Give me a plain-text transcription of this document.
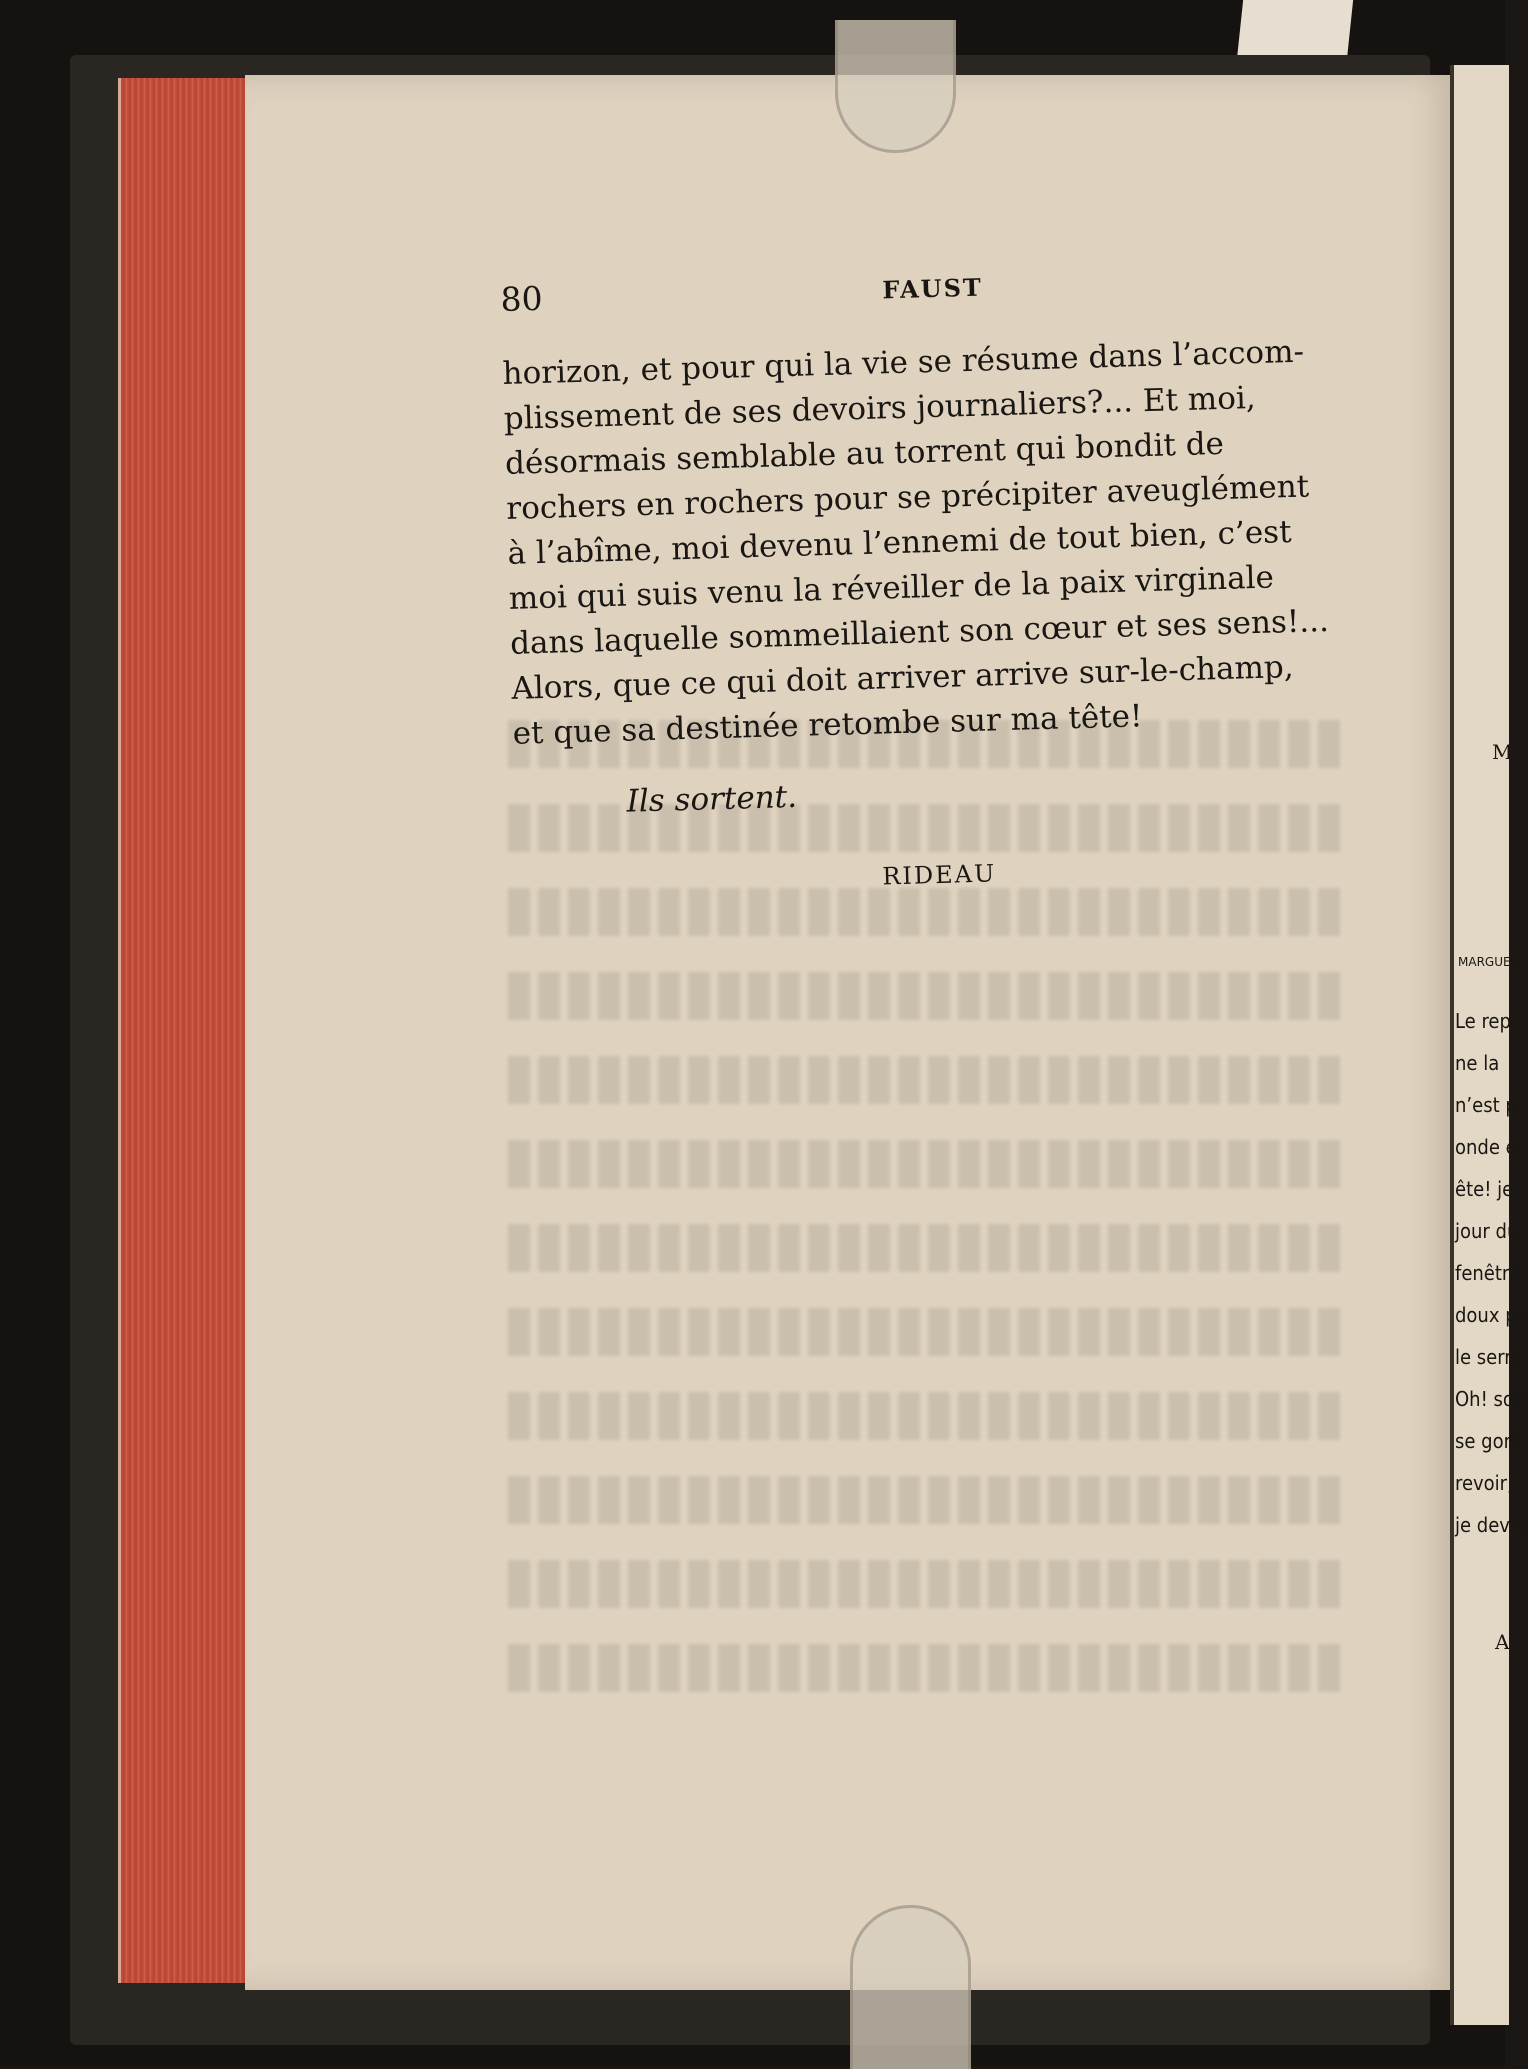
80	FAUST
horizon, et pour qui la vie se résume dans l’accom-
plissement de ses devoirs journaliers?... Et moi,
désormais semblable au torrent qui bondit de
rochers en rochers pour se précipiter aveuglément
à l’abîme, moi devenu l’ennemi de tout bien, c’est
moi qui suis venu la réveiller de la paix virginale
dans laquelle sommeillaient son cœur et ses sens!...
Alors, que ce qui doit arriver arrive sur-le-champ,
et que sa destinée retombe sur ma tête!
Ils sortent.
RIDEAU
M
MARGUER
Le rep
ne la
n’est p
onde e
ête! je
jour du
fenêtre,
doux po
le serre
Oh! son
se gonf
revoir,
je devra
A
